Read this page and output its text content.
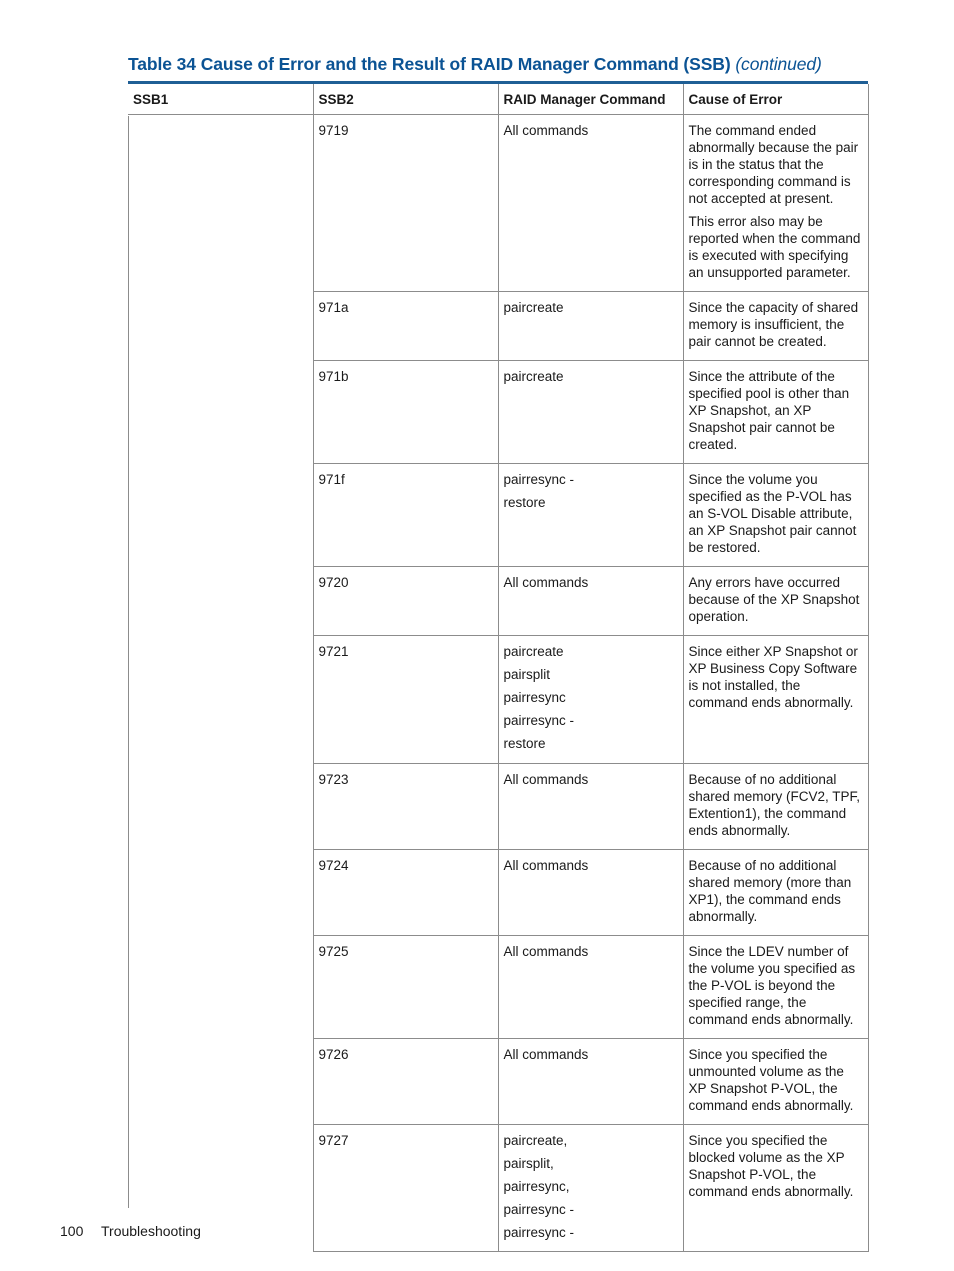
Table 34 Cause of Error and the Result of RAID Manager Command (SSB) (continued)
SSB1	SSB2	RAID Manager Command	Cause of Error
	9719	All commands	The command ended abnormally because the pair is in the status that the corresponding command is not accepted at present.

This error also may be reported when the command is executed with specifying an unsupported parameter.

	971a	paircreate	Since the capacity of shared memory is insufficient, the pair cannot be created.

	971b	paircreate	Since the attribute of the specified pool is other than XP Snapshot, an XP Snapshot pair cannot be created.

	971f	pairresync -
restore	Since the volume you specified as the P-VOL has an S-VOL Disable attribute, an XP Snapshot pair cannot be restored.

	9720	All commands	Any errors have occurred because of the XP Snapshot operation.

	9721	paircreate
pairsplit
pairresync
pairresync -
restore	Since either XP Snapshot or XP Business Copy Software is not installed, the command ends abnormally.

	9723	All commands	Because of no additional shared memory (FCV2, TPF, Extention1), the command ends abnormally.

	9724	All commands	Because of no additional shared memory (more than XP1), the command ends abnormally.

	9725	All commands	Since the LDEV number of the volume you specified as the P-VOL is beyond the specified range, the command ends abnormally.

	9726	All commands	Since you specified the unmounted volume as the XP Snapshot P-VOL, the command ends abnormally.

	9727	paircreate,
pairsplit,
pairresync,
pairresync -
pairresync -	Since you specified the blocked volume as the XP Snapshot P-VOL, the command ends abnormally.

100 Troubleshooting
